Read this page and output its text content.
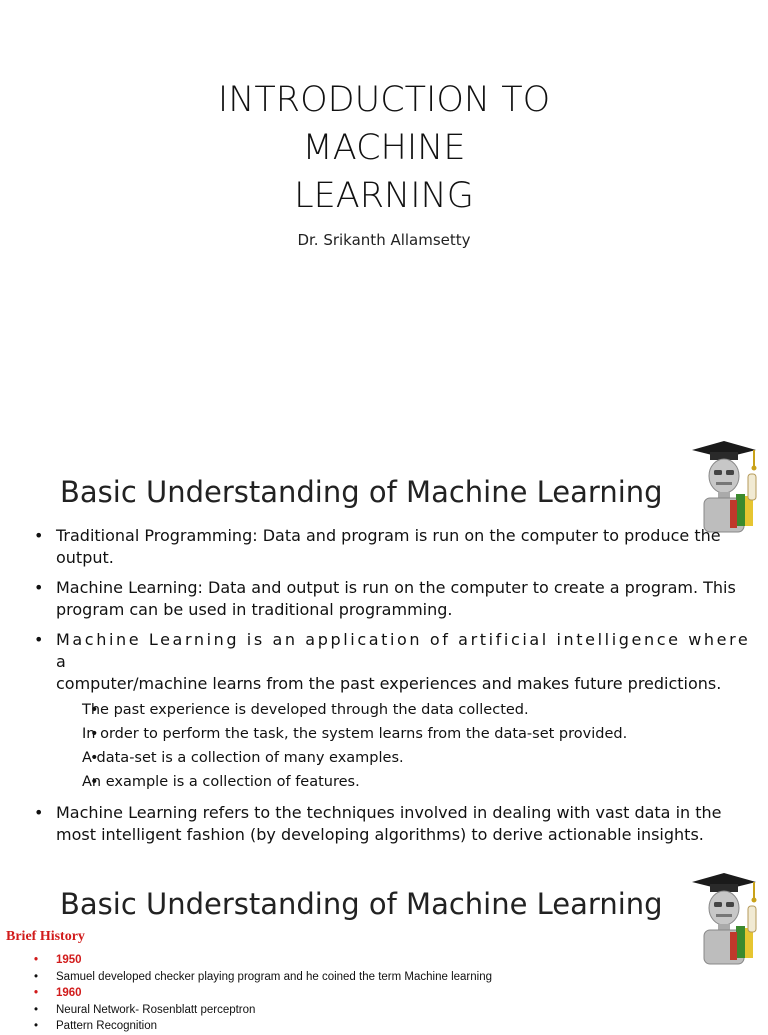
INTRODUCTION TO
MACHINE
LEARNING
Dr. Srikanth Allamsetty
Basic Understanding of Machine Learning
• Traditional Programming: Data and program is run on the computer to produce the output.
• Machine Learning: Data and output is run on the computer to create a program. This program can be used in traditional programming.
• Machine Learning is an application of artificial intelligence where a
computer/machine learns from the past experiences and makes future predictions.
• The past experience is developed through the data collected.
• In order to perform the task, the system learns from the data-set provided.
• A data-set is a collection of many examples.
• An example is a collection of features.
• Machine Learning refers to the techniques involved in dealing with vast data in the most intelligent fashion (by developing algorithms) to derive actionable insights.
Basic Understanding of Machine Learning
Brief History
• 1950
• Samuel developed checker playing program and he coined the term Machine learning
• 1960
• Neural Network- Rosenblatt perceptron
• Pattern Recognition
